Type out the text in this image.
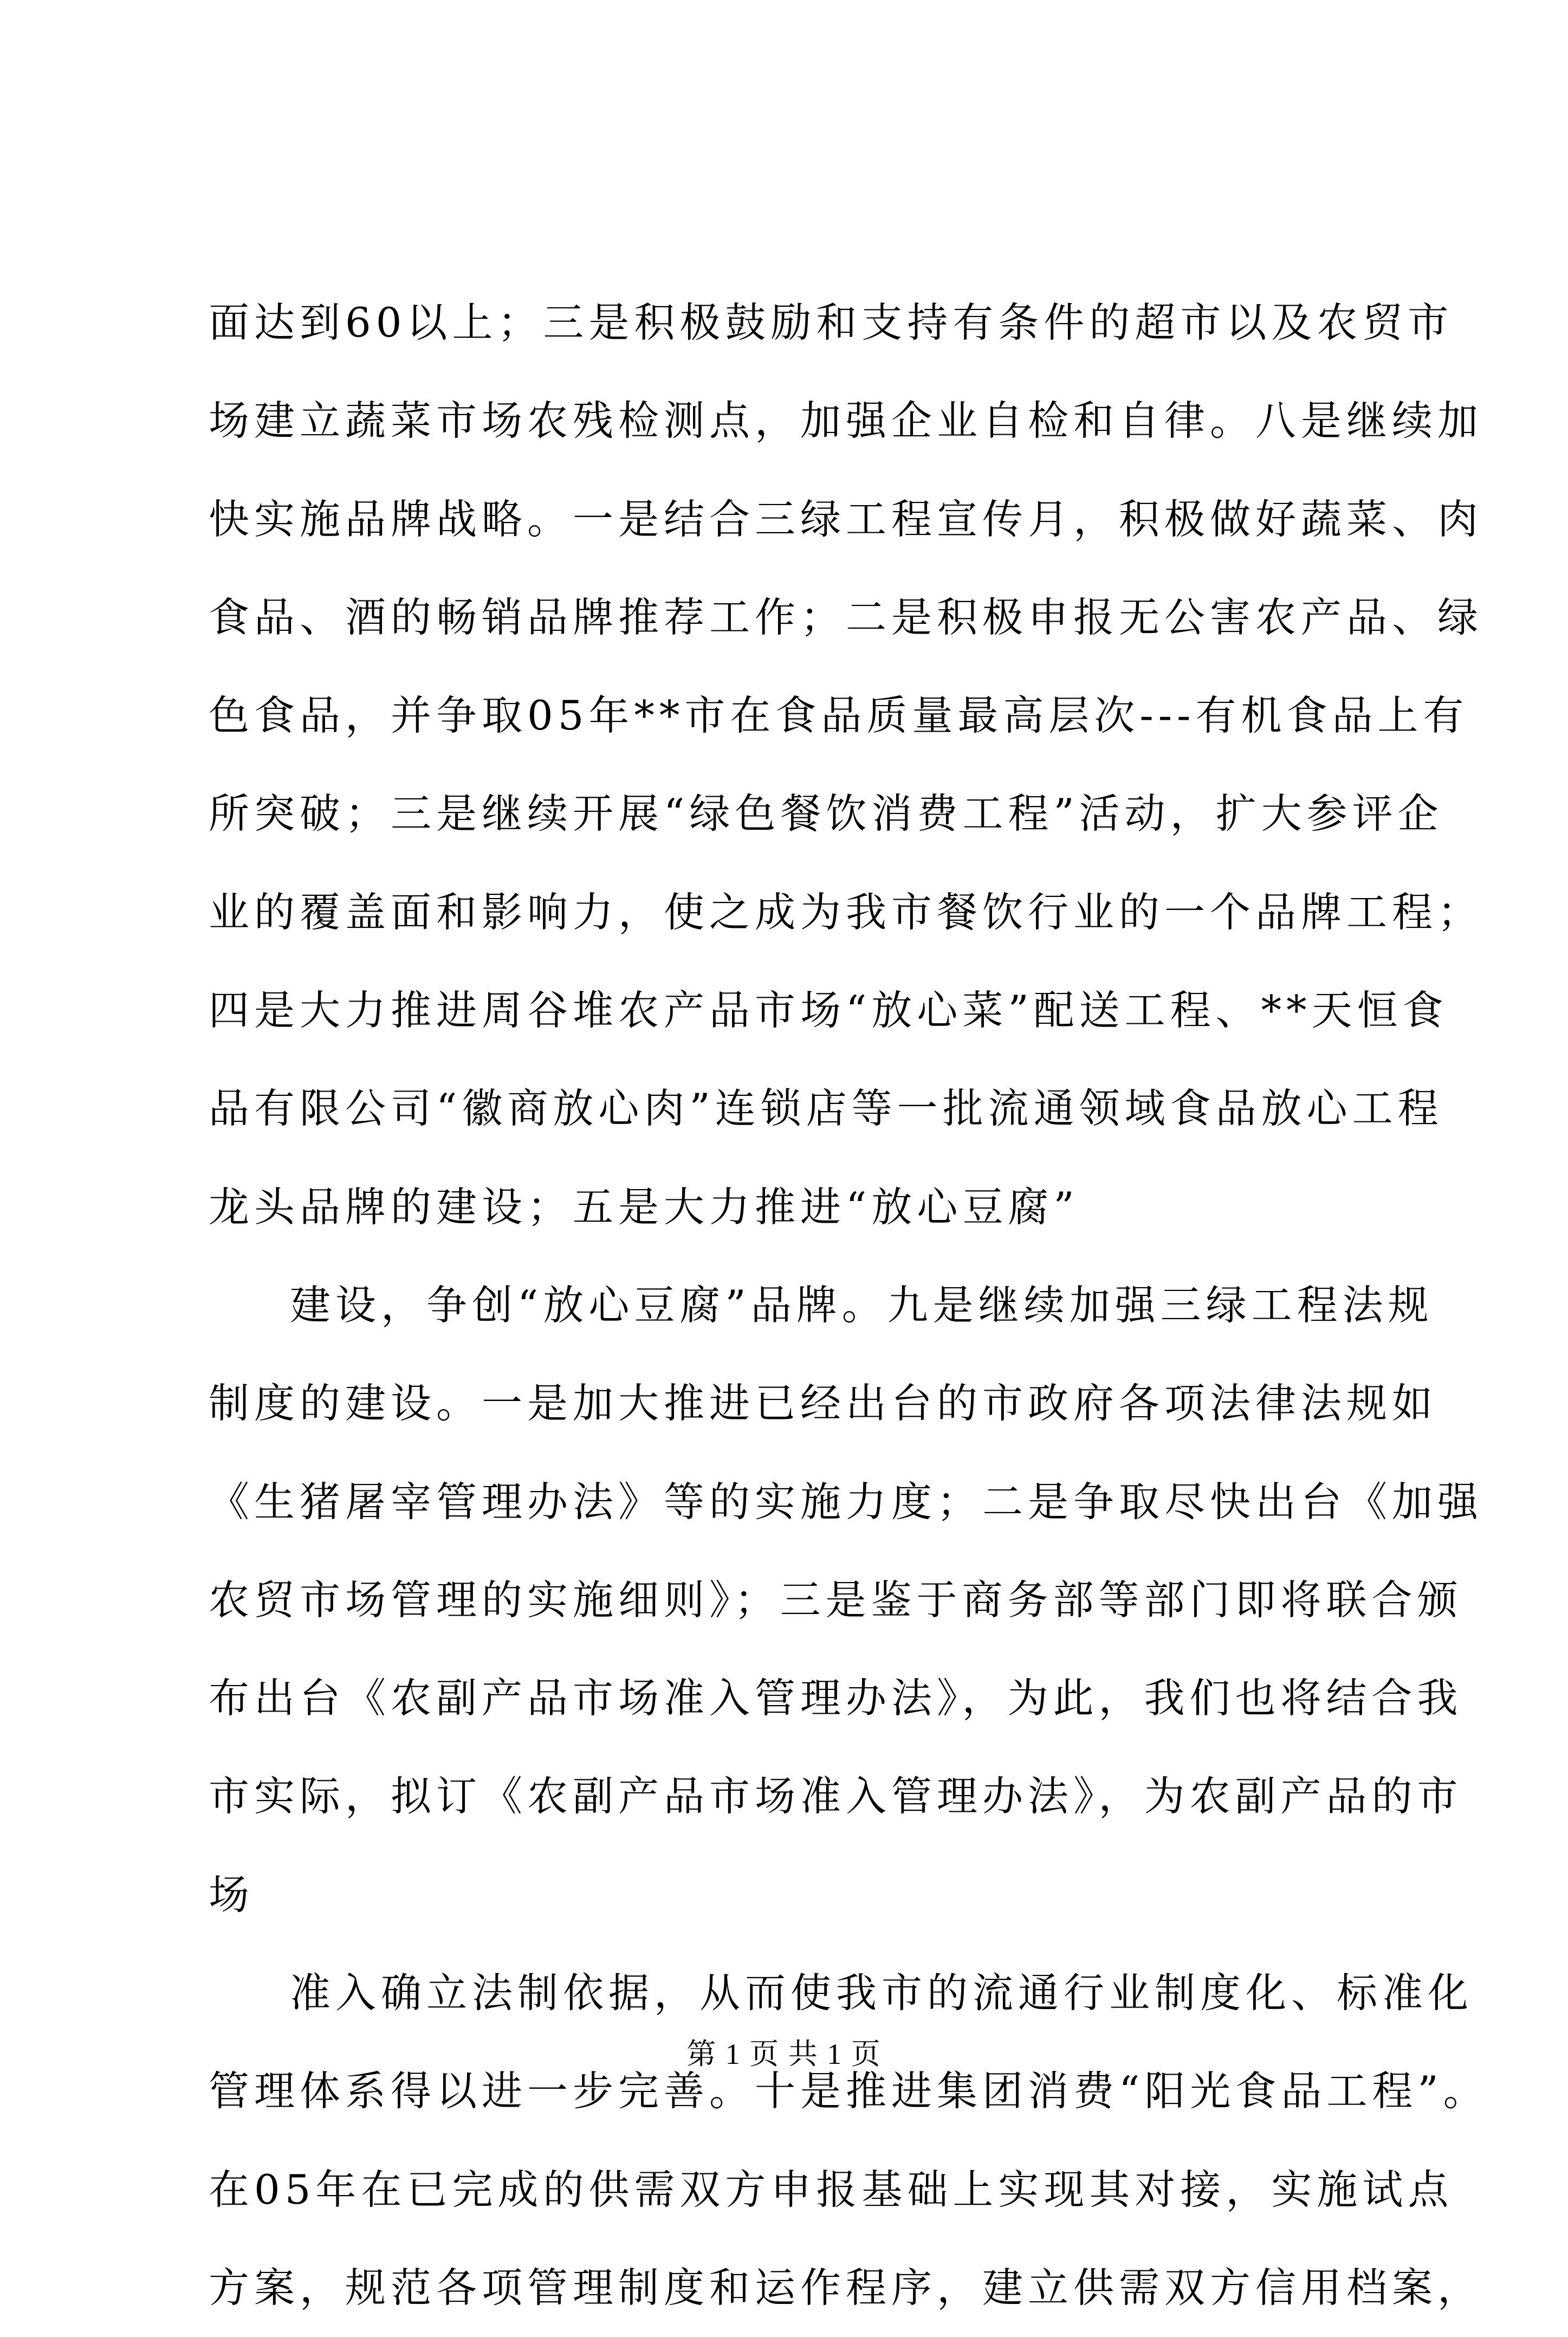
面达到60以上；三是积极鼓励和支持有条件的超市以及农贸市
场建立蔬菜市场农残检测点，加强企业自检和自律。八是继续加
快实施品牌战略。一是结合三绿工程宣传月，积极做好蔬菜、肉
食品、酒的畅销品牌推荐工作；二是积极申报无公害农产品、绿
色食品，并争取05年**市在食品质量最高层次---有机食品上有
所突破；三是继续开展“绿色餐饮消费工程”活动，扩大参评企
业的覆盖面和影响力，使之成为我市餐饮行业的一个品牌工程；
四是大力推进周谷堆农产品市场“放心菜”配送工程、**天恒食
品有限公司“徽商放心肉”连锁店等一批流通领域食品放心工程
龙头品牌的建设；五是大力推进“放心豆腐”
建设，争创“放心豆腐”品牌。九是继续加强三绿工程法规
制度的建设。一是加大推进已经出台的市政府各项法律法规如
《生猪屠宰管理办法》等的实施力度；二是争取尽快出台《加强
农贸市场管理的实施细则》；三是鉴于商务部等部门即将联合颁
布出台《农副产品市场准入管理办法》，为此，我们也将结合我
市实际，拟订《农副产品市场准入管理办法》，为农副产品的市
场
准入确立法制依据，从而使我市的流通行业制度化、标准化
管理体系得以进一步完善。十是推进集团消费“阳光食品工程”。
在05年在已完成的供需双方申报基础上实现其对接，实施试点
方案，规范各项管理制度和运作程序，建立供需双方信用档案，
第 1 页 共 1 页
